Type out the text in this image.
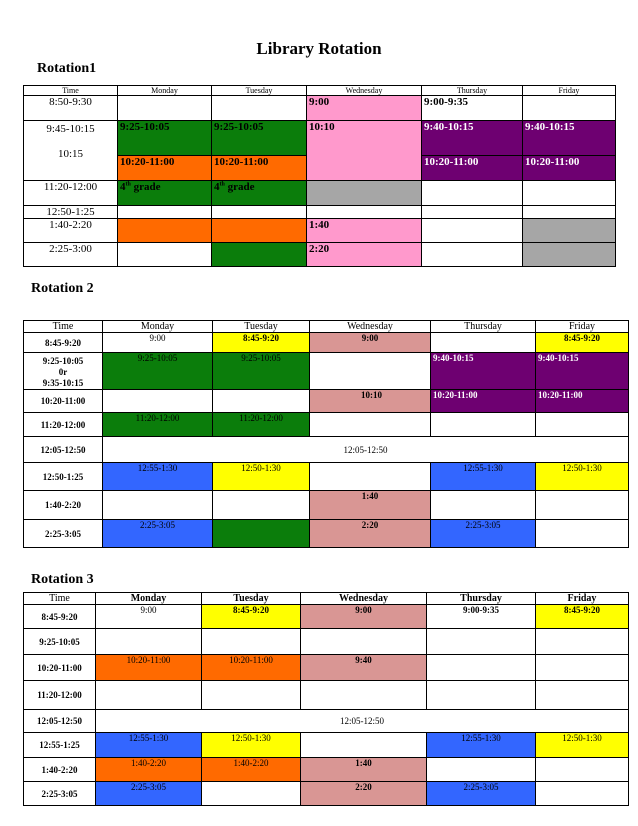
Library Rotation
Rotation1
Time	Monday	Tuesday	Wednesday	Thursday	Friday
8:50-9:30			9:00	9:00-9:35	

9:45-10:15
10:15	9:25-10:05	9:25-10:05	10:10	9:40-10:15	9:40-10:15
	10:20-11:00	10:20-11:00		10:20-11:00	10:20-11:00
11:20-12:00	4th grade	4th grade			
12:50-1:25					
1:40-2:20			1:40		
2:25-3:00			2:20		
Rotation 2
Time	Monday	Tuesday	Wednesday	Thursday	Friday
8:45-9:20	9:00	8:45-9:20	9:00		8:45-9:20

9:25-10:05
0r
9:35-10:15	9:25-10:05	9:25-10:05		9:40-10:15	9:40-10:15
10:20-11:00			10:10	10:20-11:00	10:20-11:00
11:20-12:00	11:20-12:00	11:20-12:00			
12:05-12:50	12:05-12:50				
12:50-1:25	12:55-1:30	12:50-1:30		12:55-1:30	12:50-1:30
1:40-2:20			1:40		
2:25-3:05	2:25-3:05		2:20	2:25-3:05	
Rotation 3
Time	Monday	Tuesday	Wednesday	Thursday	Friday
8:45-9:20	9:00	8:45-9:20	9:00	9:00-9:35	8:45-9:20
9:25-10:05					
10:20-11:00	10:20-11:00	10:20-11:00	9:40		
11:20-12:00					
12:05-12:50	12:05-12:50				
12:55-1:25	12:55-1:30	12:50-1:30		12:55-1:30	12:50-1:30
1:40-2:20	1:40-2:20	1:40-2:20	1:40		
2:25-3:05	2:25-3:05		2:20	2:25-3:05	
